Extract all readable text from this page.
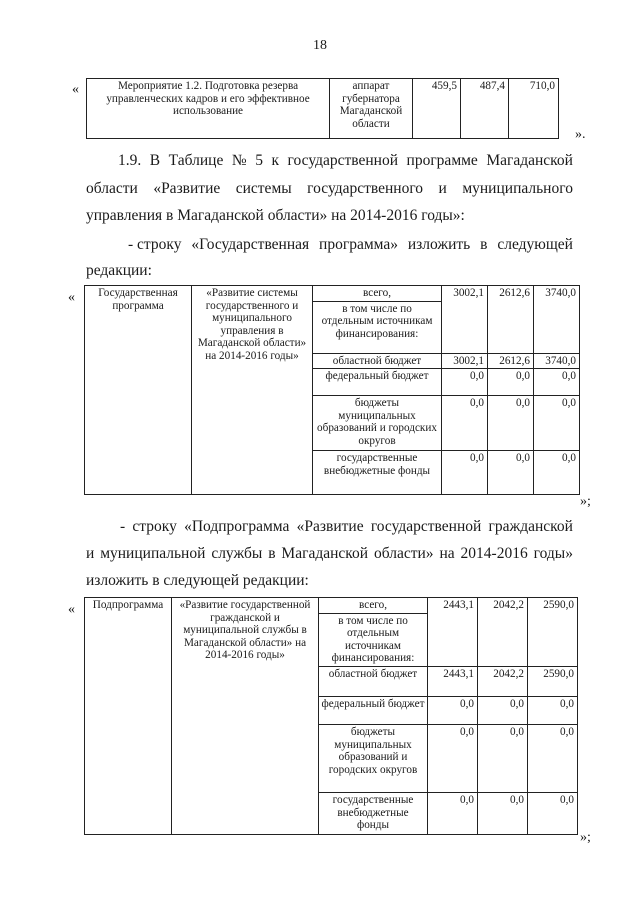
18
«	Мероприятие 1.2. Подготовка резерва управленческих кадров и его эффективное использование	аппарат губернатора Магаданской области	459,5	487,4	710,0
».
1.9. В Таблице № 5 к государственной программе Магаданской
области «Развитие системы государственного и муниципального
управления в Магаданской области» на 2014-2016 годы»:
- строку «Государственная программа» изложить в следующей
редакции:
« Государственная программа	«Развитие системы государственного и муниципального управления в Магаданской области» на 2014-2016 годы»	всего,	3002,1	2612,6	3740,0
		в том числе по отдельным источникам финансирования:			
		областной бюджет	3002,1	2612,6	3740,0
		федеральный бюджет	0,0	0,0	0,0
		бюджеты муниципальных образований и городских округов	0,0	0,0	0,0
		государственные внебюджетные фонды	0,0	0,0	0,0
»;
- строку «Подпрограмма «Развитие государственной гражданской
и муниципальной службы в Магаданской области» на 2014-2016 годы»
изложить в следующей редакции:
« Подпрограмма	«Развитие государственной гражданской и муниципальной службы в Магаданской области» на 2014-2016 годы»	всего,	2443,1	2042,2	2590,0
		в том числе по отдельным источникам финансирования:			
		областной бюджет	2443,1	2042,2	2590,0
		федеральный бюджет	0,0	0,0	0,0
		бюджеты муниципальных образований и городских округов	0,0	0,0	0,0
		государственные внебюджетные фонды	0,0	0,0	0,0
»;
